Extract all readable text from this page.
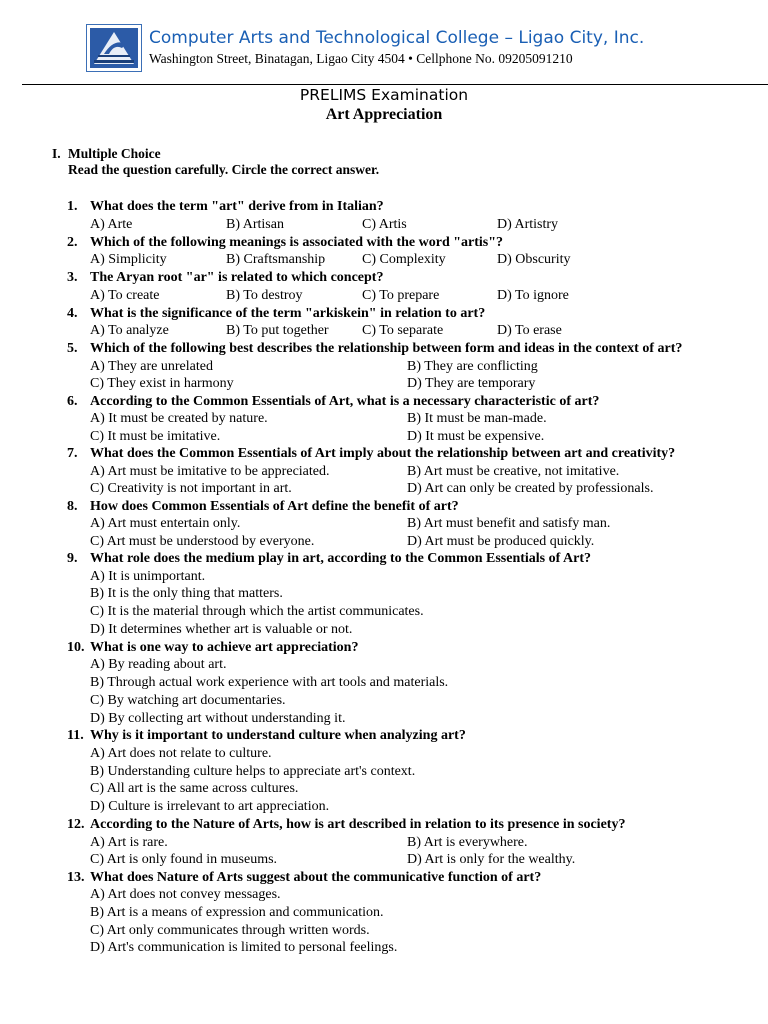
Computer Arts and Technological College – Ligao City, Inc.
Washington Street, Binatagan, Ligao City 4504 • Cellphone No. 09205091210
PRELIMS Examination
Art Appreciation
I. Multiple Choice
Read the question carefully. Circle the correct answer.
1. What does the term "art" derive from in Italian?
A) Arte	B) Artisan	C) Artis	D) Artistry
2. Which of the following meanings is associated with the word "artis"?
A) Simplicity	B) Craftsmanship	C) Complexity	D) Obscurity
3. The Aryan root "ar" is related to which concept?
A) To create	B) To destroy	C) To prepare	D) To ignore
4. What is the significance of the term "arkiskein" in relation to art?
A) To analyze	B) To put together C) To separate	D) To erase
5. Which of the following best describes the relationship between form and ideas in the context of art?
A) They are unrelated	B) They are conflicting
C) They exist in harmony	D) They are temporary
6. According to the Common Essentials of Art, what is a necessary characteristic of art?
A) It must be created by nature.	B) It must be man-made.
C) It must be imitative.	D) It must be expensive.
7. What does the Common Essentials of Art imply about the relationship between art and creativity?
A) Art must be imitative to be appreciated.	B) Art must be creative, not imitative.
C) Creativity is not important in art.	D) Art can only be created by professionals.
8. How does Common Essentials of Art define the benefit of art?
A) Art must entertain only.	B) Art must benefit and satisfy man.
C) Art must be understood by everyone.	D) Art must be produced quickly.
9. What role does the medium play in art, according to the Common Essentials of Art?
A) It is unimportant.
B) It is the only thing that matters.
C) It is the material through which the artist communicates.
D) It determines whether art is valuable or not.
10. What is one way to achieve art appreciation?
A) By reading about art.
B) Through actual work experience with art tools and materials.
C) By watching art documentaries.
D) By collecting art without understanding it.
11. Why is it important to understand culture when analyzing art?
A) Art does not relate to culture.
B) Understanding culture helps to appreciate art's context.
C) All art is the same across cultures.
D) Culture is irrelevant to art appreciation.
12. According to the Nature of Arts, how is art described in relation to its presence in society?
A) Art is rare.	B) Art is everywhere.
C) Art is only found in museums.	D) Art is only for the wealthy.
13. What does Nature of Arts suggest about the communicative function of art?
A) Art does not convey messages.
B) Art is a means of expression and communication.
C) Art only communicates through written words.
D) Art's communication is limited to personal feelings.
